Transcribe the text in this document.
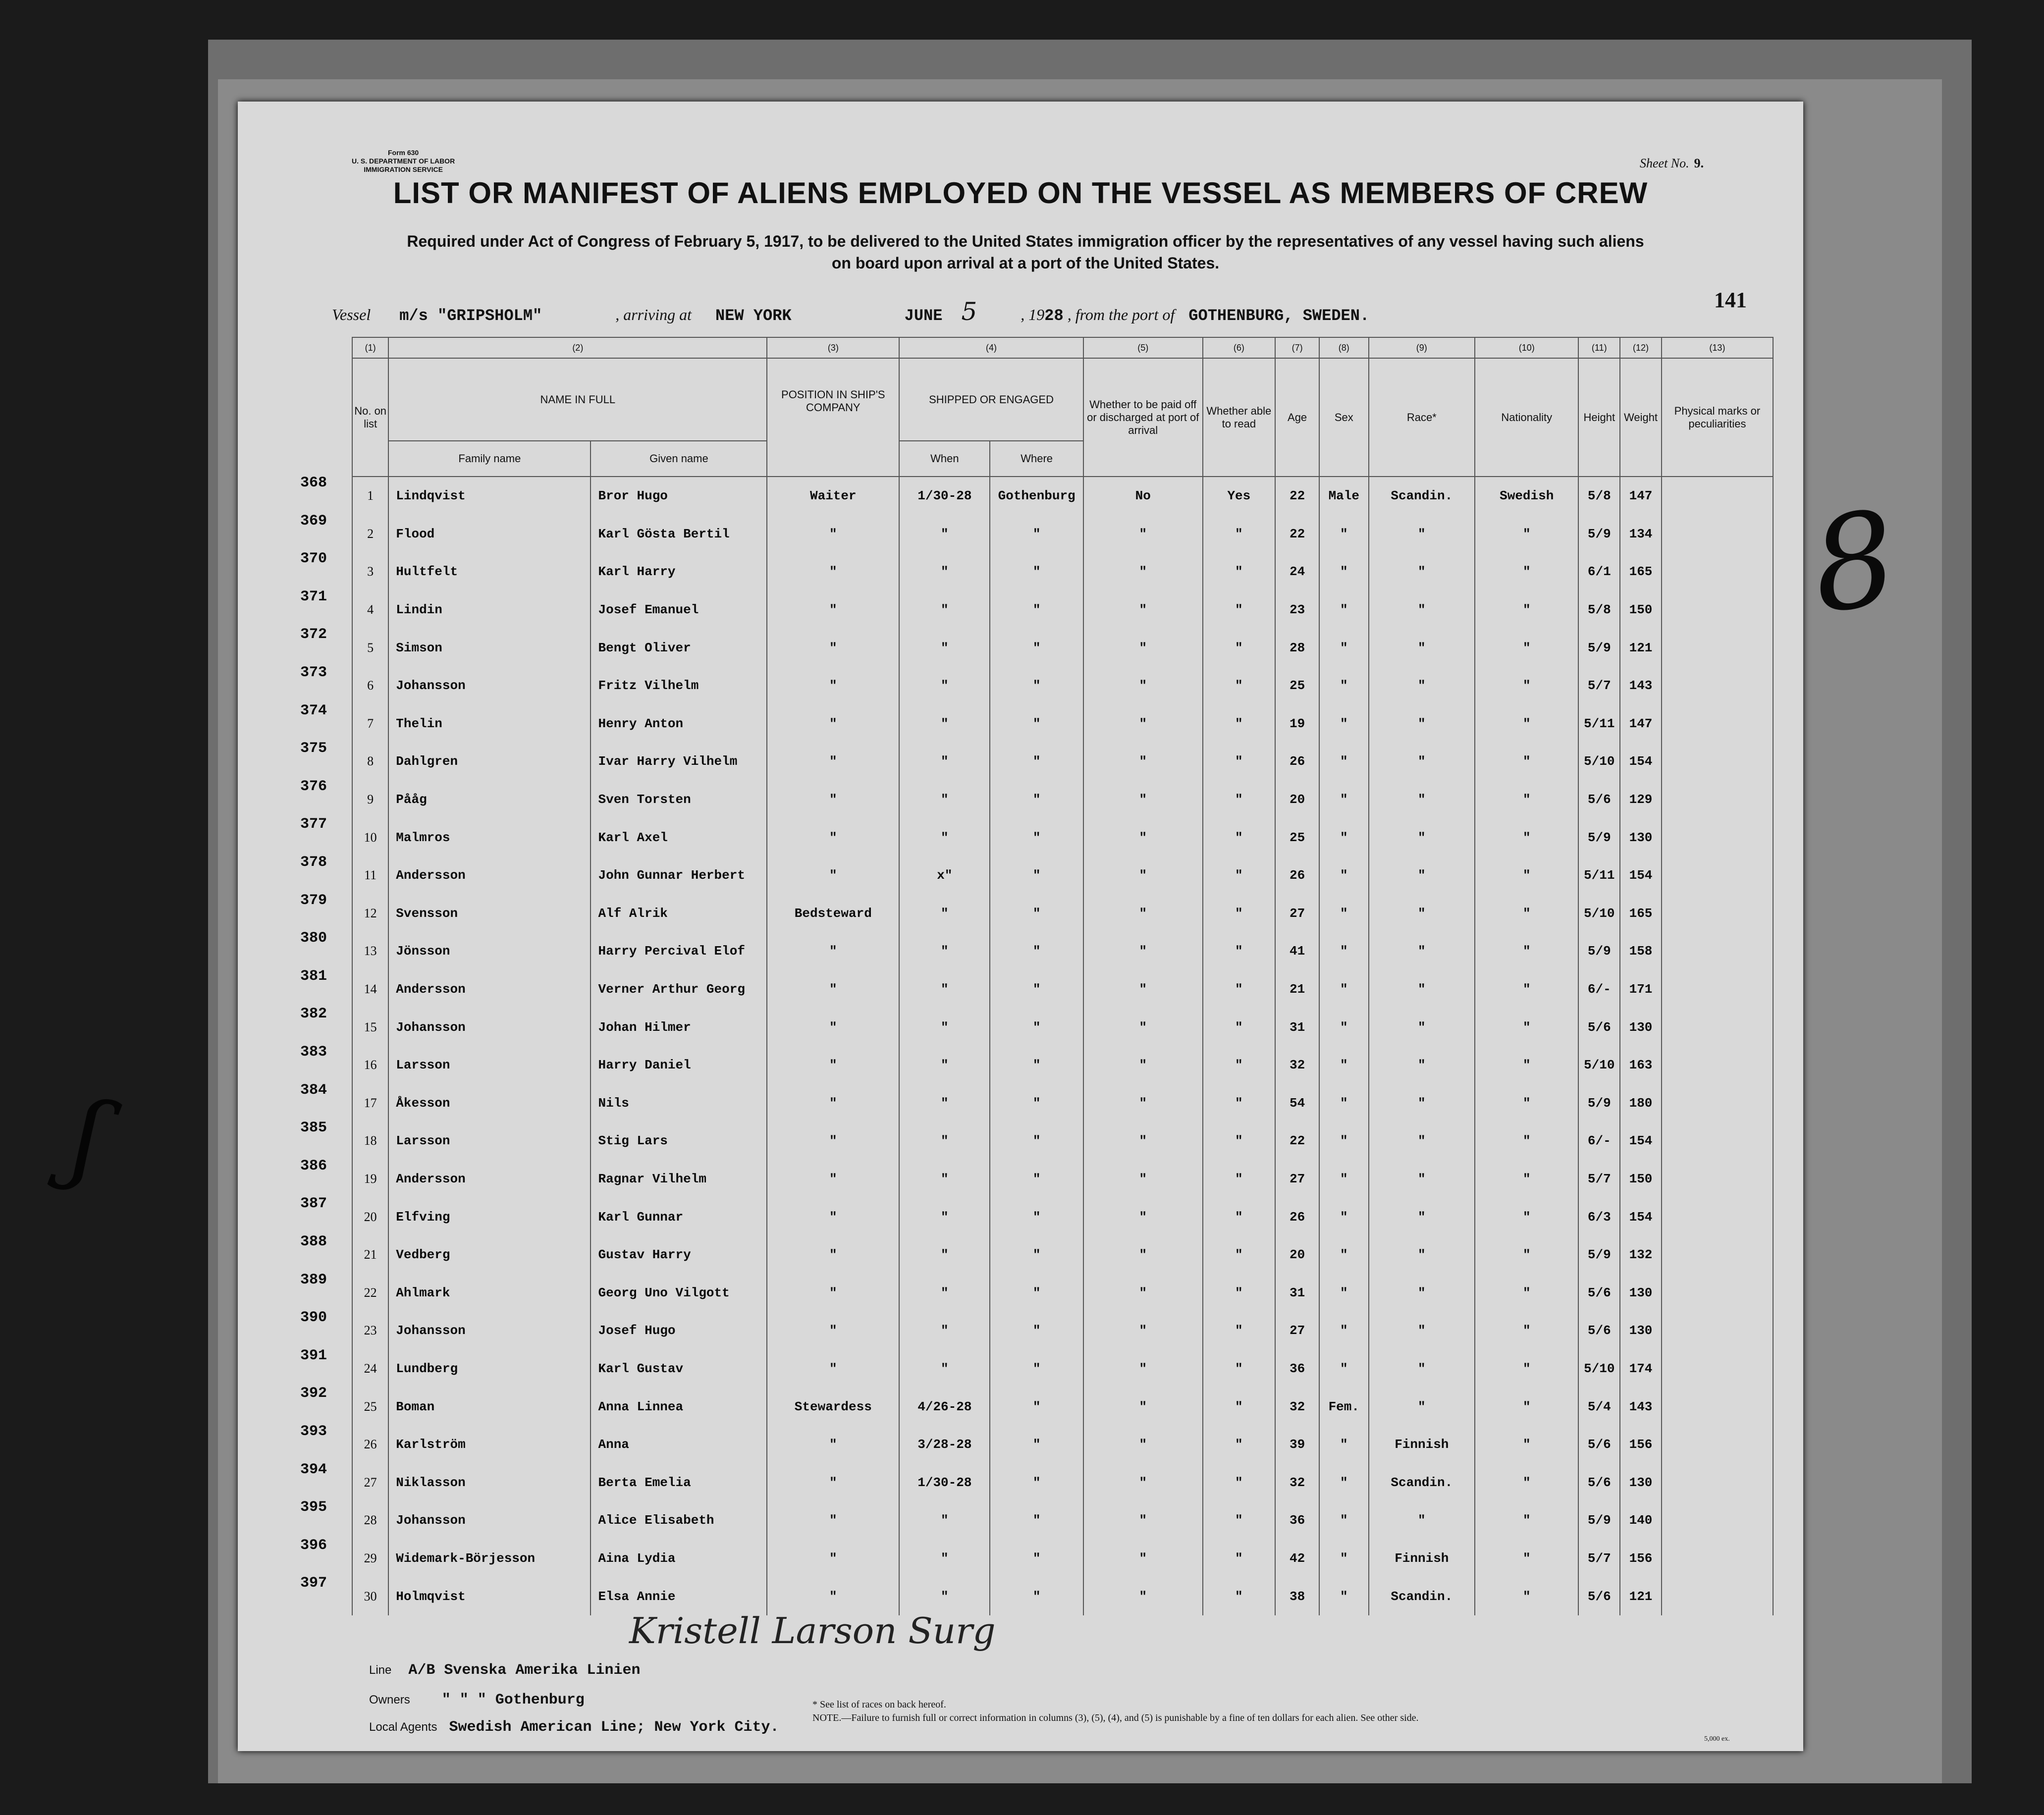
ʃ
Form 630
U. S. DEPARTMENT OF LABOR
IMMIGRATION SERVICE	Sheet No. 9.
LIST OR MANIFEST OF ALIENS EMPLOYED ON THE VESSEL AS MEMBERS OF CREW
Required under Act of Congress of February 5, 1917, to be delivered to the United States immigration officer by the representatives of any vessel having such aliens
on board upon arrival at a port of the United States.
Vessel m/s "GRIPSHOLM"	, arriving at NEW YORK	JUNE 5	, 1928 , from the port of GOTHENBURG, SWEDEN.
141
(1)	(2)		(3)	(4)		(5)	(6)	(7)	(8)	(9)	(10)	(11)	(12)	(13)
No. on list	NAME IN FULL		POSITION IN SHIP'S COMPANY	SHIPPED OR ENGAGED		Whether to be paid off or discharged at port of arrival	Whether able to read	Age	Sex	Race*	Nationality	Height	Weight	Physical marks or peculiarities
	Family name	Given name		When	Where									
1	Lindqvist	Bror Hugo	Waiter	1/30-28	Gothenburg	No	Yes	22	Male	Scandin.	Swedish	5/8	147	
2	Flood	Karl Gösta Bertil	"	"	"	"	"	22	"	"	"	5/9	134	
3	Hultfelt	Karl Harry	"	"	"	"	"	24	"	"	"	6/1	165	
4	Lindin	Josef Emanuel	"	"	"	"	"	23	"	"	"	5/8	150	
5	Simson	Bengt Oliver	"	"	"	"	"	28	"	"	"	5/9	121	
6	Johansson	Fritz Vilhelm	"	"	"	"	"	25	"	"	"	5/7	143	
7	Thelin	Henry Anton	"	"	"	"	"	19	"	"	"	5/11	147	
8	Dahlgren	Ivar Harry Vilhelm	"	"	"	"	"	26	"	"	"	5/10	154	
9	Pååg	Sven Torsten	"	"	"	"	"	20	"	"	"	5/6	129	
10	Malmros	Karl Axel	"	"	"	"	"	25	"	"	"	5/9	130	
11	Andersson	John Gunnar Herbert	"	x"	"	"	"	26	"	"	"	5/11	154	
12	Svensson	Alf Alrik	Bedsteward	"	"	"	"	27	"	"	"	5/10	165	
13	Jönsson	Harry Percival Elof	"	"	"	"	"	41	"	"	"	5/9	158	
14	Andersson	Verner Arthur Georg	"	"	"	"	"	21	"	"	"	6/-	171	
15	Johansson	Johan Hilmer	"	"	"	"	"	31	"	"	"	5/6	130	
16	Larsson	Harry Daniel	"	"	"	"	"	32	"	"	"	5/10	163	
17	Åkesson	Nils	"	"	"	"	"	54	"	"	"	5/9	180	
18	Larsson	Stig Lars	"	"	"	"	"	22	"	"	"	6/-	154	
19	Andersson	Ragnar Vilhelm	"	"	"	"	"	27	"	"	"	5/7	150	
20	Elfving	Karl Gunnar	"	"	"	"	"	26	"	"	"	6/3	154	
21	Vedberg	Gustav Harry	"	"	"	"	"	20	"	"	"	5/9	132	
22	Ahlmark	Georg Uno Vilgott	"	"	"	"	"	31	"	"	"	5/6	130	
23	Johansson	Josef Hugo	"	"	"	"	"	27	"	"	"	5/6	130	
24	Lundberg	Karl Gustav	"	"	"	"	"	36	"	"	"	5/10	174	
25	Boman	Anna Linnea	Stewardess	4/26-28	"	"	"	32	Fem.	"	"	5/4	143	
26	Karlström	Anna	"	3/28-28	"	"	"	39	"	Finnish	"	5/6	156	
27	Niklasson	Berta Emelia	"	1/30-28	"	"	"	32	"	Scandin.	"	5/6	130	
28	Johansson	Alice Elisabeth	"	"	"	"	"	36	"	"	"	5/9	140	
29	Widemark-Börjesson	Aina Lydia	"	"	"	"	"	42	"	Finnish	"	5/7	156	
30	Holmqvist	Elsa Annie	"	"	"	"	"	38	"	Scandin.	"	5/6	121	
368
369
370
371
372
373
374
375
376
377
378
379
380
381
382
383
384
385
386
387
388
389
390
391
392
393
394
395
396
397
8
Kristell Larson Surg
Line A/B Svenska Amerika Linien
Owners " " " Gothenburg
Local Agents Swedish American Line; New York City.
* See list of races on back hereof.
NOTE.—Failure to furnish full or correct information in columns (3), (5), (4), and (5) is punishable by a fine of ten dollars for each alien. See other side.
5,000 ex.
